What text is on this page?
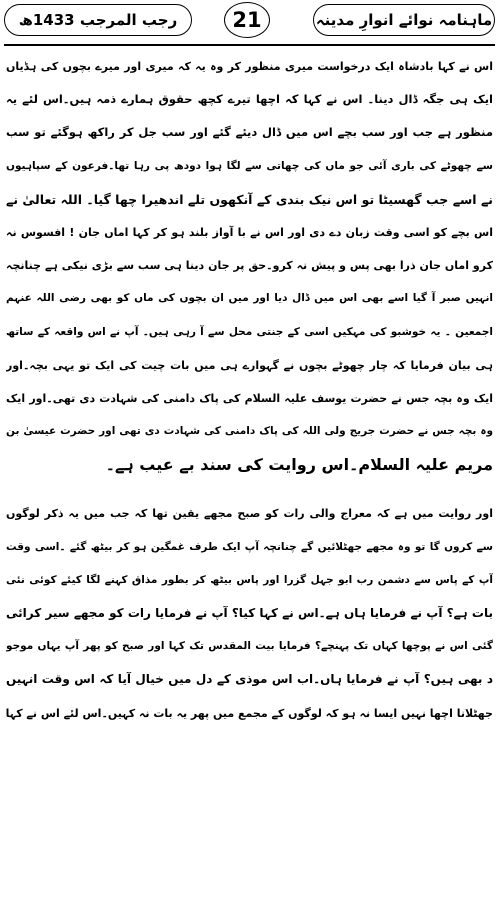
رجب المرجب 1433ھ	21	ماہنامہ نوائے انوارِ مدینہ
اس نے کہا بادشاہ ایک درخواست میری منظور کر وہ یہ کہ میری اور میرے بچوں کی ہڈیاں
ایک ہی جگہ ڈال دینا۔ اس نے کہا کہ اچھا تیرے کچھ حقوق ہمارے ذمہ ہیں۔اس لئے یہ
منظور ہے جب اور سب بچے اس میں ڈال دیئے گئے اور سب جل کر راکھ ہوگئے تو سب
سے چھوٹے کی باری آئی جو ماں کی چھاتی سے لگا ہوا دودھ پی رہا تھا۔فرعون کے سپاہیوں
نے اسے جب گھسیٹا تو اس نیک بندی کے آنکھوں تلے اندھیرا چھا گیا۔ اللہ تعالیٰ نے
اس بچے کو اسی وقت زبان دے دی اور اس نے با آواز بلند ہو کر کہا اماں جان ! افسوس نہ
کرو اماں جان ذرا بھی پس و پیش نہ کرو۔حق پر جان دینا ہی سب سے بڑی نیکی ہے چنانچہ
انہیں صبر آ گیا اسے بھی اس میں ڈال دیا اور میں ان بچوں کی ماں کو بھی رضی اللہ عنہم
اجمعین ۔ یہ خوشبو کی مہکیں اسی کے جنتی محل سے آ رہی ہیں۔ آپ نے اس واقعہ کے ساتھ
ہی بیان فرمایا کہ چار چھوٹے بچوں نے گہوارے ہی میں بات چیت کی ایک تو یہی بچہ۔اور
ایک وہ بچہ جس نے حضرت یوسف علیہ السلام کی پاک دامنی کی شہادت دی تھی۔اور ایک
وہ بچہ جس نے حضرت جریج ولی اللہ کی پاک دامنی کی شہادت دی تھی اور حضرت عیسیٰ بن
مریم علیہ السلام۔اس روایت کی سند بے عیب ہے۔
اور روایت میں ہے کہ معراج والی رات کو صبح مجھے یقین تھا کہ جب میں یہ ذکر لوگوں
سے کروں گا تو وہ مجھے جھٹلائیں گے چنانچہ آپ ایک طرف غمگین ہو کر بیٹھ گئے ۔اسی وقت
آپ کے پاس سے دشمن رب ابو جہل گزرا اور پاس بیٹھ کر بطور مذاق کہنے لگا کیئے کوئی نئی
بات ہے؟ آپ نے فرمایا ہاں ہے۔اس نے کہا کیا؟ آپ نے فرمایا رات کو مجھے سیر کرائی
گئی اس نے پوچھا کہاں تک پہنچے؟ فرمایا بیت المقدس تک کہا اور صبح کو پھر آپ یہاں موجو
د بھی ہیں؟ آپ نے فرمایا ہاں۔اب اس موذی کے دل میں خیال آیا کہ اس وقت انہیں
جھٹلانا اچھا نہیں ایسا نہ ہو کہ لوگوں کے مجمع میں پھر یہ بات نہ کہیں۔اس لئے اس نے کہا
